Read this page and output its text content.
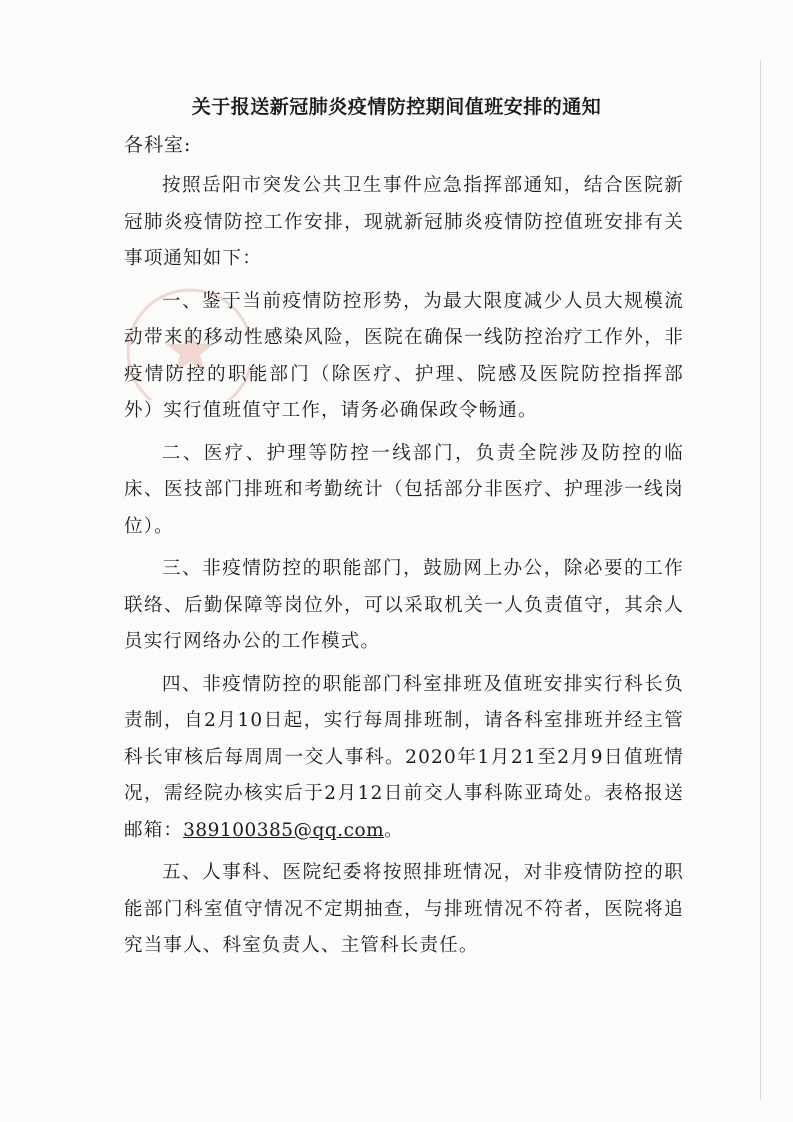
关于报送新冠肺炎疫情防控期间值班安排的通知
各科室:

按照岳阳市突发公共卫生事件应急指挥部通知，结合医院新冠肺炎疫情防控工作安排，现就新冠肺炎疫情防控值班安排有关事项通知如下：

一、鉴于当前疫情防控形势，为最大限度减少人员大规模流动带来的移动性感染风险，医院在确保一线防控治疗工作外，非疫情防控的职能部门（除医疗、护理、院感及医院防控指挥部外）实行值班值守工作，请务必确保政令畅通。

二、医疗、护理等防控一线部门，负责全院涉及防控的临床、医技部门排班和考勤统计（包括部分非医疗、护理涉一线岗位）。

三、非疫情防控的职能部门，鼓励网上办公，除必要的工作联络、后勤保障等岗位外，可以采取机关一人负责值守，其余人员实行网络办公的工作模式。

四、非疫情防控的职能部门科室排班及值班安排实行科长负责制，自2月10日起，实行每周排班制，请各科室排班并经主管科长审核后每周周一交人事科。2020年1月21至2月9日值班情况，需经院办核实后于2月12日前交人事科陈亚琦处。表格报送邮箱：389100385@qq.com。

五、人事科、医院纪委将按照排班情况，对非疫情防控的职能部门科室值守情况不定期抽查，与排班情况不符者，医院将追究当事人、科室负责人、主管科长责任。
